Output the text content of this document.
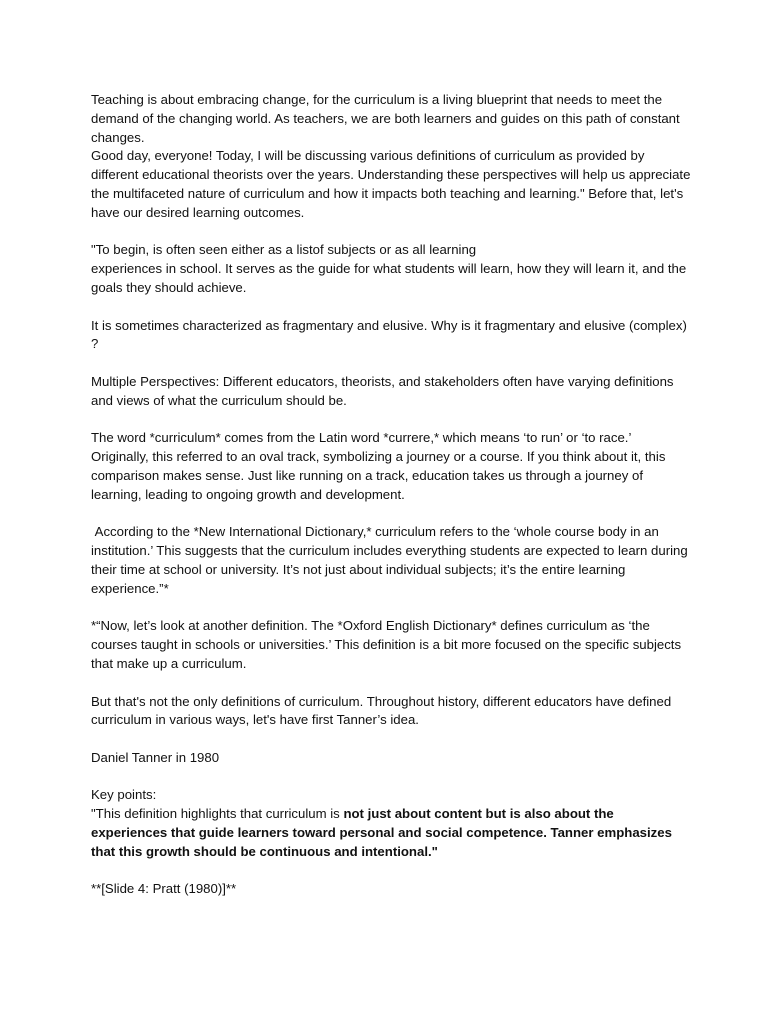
Teaching is about embracing change, for the curriculum is a living blueprint that needs to meet the demand of the changing world. As teachers, we are both learners and guides on this path of constant changes.

Good day, everyone! Today, I will be discussing various definitions of curriculum as provided by different educational theorists over the years. Understanding these perspectives will help us appreciate the multifaceted nature of curriculum and how it impacts both teaching and learning." Before that, let's have our desired learning outcomes.

"To begin, is often seen either as a listof subjects or as all learning
experiences in school. It serves as the guide for what students will learn, how they will learn it, and the goals they should achieve.

It is sometimes characterized as fragmentary and elusive. Why is it fragmentary and elusive (complex) ?

Multiple Perspectives: Different educators, theorists, and stakeholders often have varying definitions and views of what the curriculum should be.

The word *curriculum* comes from the Latin word *currere,* which means ‘to run’ or ‘to race.’ Originally, this referred to an oval track, symbolizing a journey or a course. If you think about it, this comparison makes sense. Just like running on a track, education takes us through a journey of learning, leading to ongoing growth and development.

According to the *New International Dictionary,* curriculum refers to the ‘whole course body in an institution.’ This suggests that the curriculum includes everything students are expected to learn during their time at school or university. It’s not just about individual subjects; it’s the entire learning experience.”*

*“Now, let’s look at another definition. The *Oxford English Dictionary* defines curriculum as ‘the courses taught in schools or universities.’ This definition is a bit more focused on the specific subjects that make up a curriculum.

But that's not the only definitions of curriculum. Throughout history, different educators have defined curriculum in various ways, let's have first Tanner’s idea.

Daniel Tanner in 1980

Key points:

"This definition highlights that curriculum is not just about content but is also about the experiences that guide learners toward personal and social competence. Tanner emphasizes that this growth should be continuous and intentional."

**[Slide 4: Pratt (1980)]**
